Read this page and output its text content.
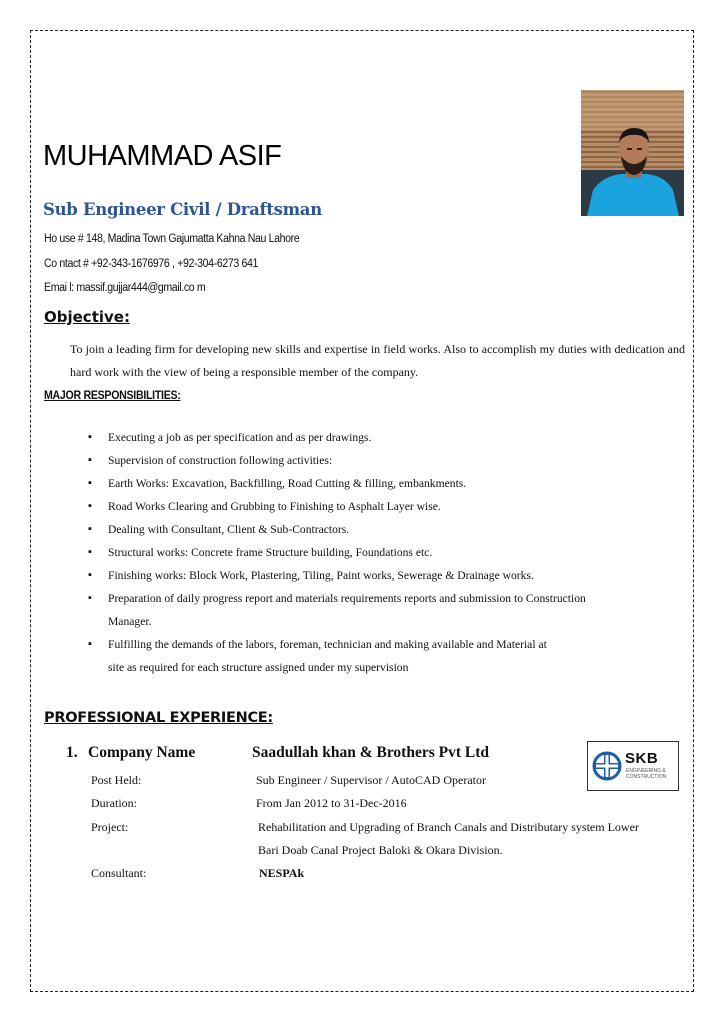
MUHAMMAD ASIF
Sub Engineer Civil / Draftsman
Ho use # 148, Madina Town Gajumatta Kahna Nau Lahore
Co ntact # +92-343-1676976 , +92-304-6273 641
Emai l: massif.gujjar444@gmail.co m
Objective:
To join a leading firm for developing new skills and expertise in field works. Also to accomplish my duties with dedication and hard work with the view of being a responsible member of the company.
MAJOR RESPONSIBILITIES:
▪ Executing a job as per specification and as per drawings.
▪ Supervision of construction following activities:
▪ Earth Works: Excavation, Backfilling, Road Cutting & filling, embankments.
▪ Road Works Clearing and Grubbing to Finishing to Asphalt Layer wise.
▪ Dealing with Consultant, Client & Sub-Contractors.
▪ Structural works: Concrete frame Structure building, Foundations etc.
▪ Finishing works: Block Work, Plastering, Tiling, Paint works, Sewerage & Drainage works.
▪ Preparation of daily progress report and materials requirements reports and submission to Construction Manager.
▪ Fulfilling the demands of the labors, foreman, technician and making available and Material at site as required for each structure assigned under my supervision
PROFESSIONAL EXPERIENCE:
1. Company Name	Saadullah khan & Brothers Pvt Ltd	SKB
ENGINEERING &
CONSTRUCTION
Post Held:	Sub Engineer / Supervisor / AutoCAD Operator
Duration:	From Jan 2012 to 31-Dec-2016
Project:	Rehabilitation and Upgrading of Branch Canals and Distributary system Lower
Bari Doab Canal Project Baloki & Okara Division.
Consultant:	NESPAk
